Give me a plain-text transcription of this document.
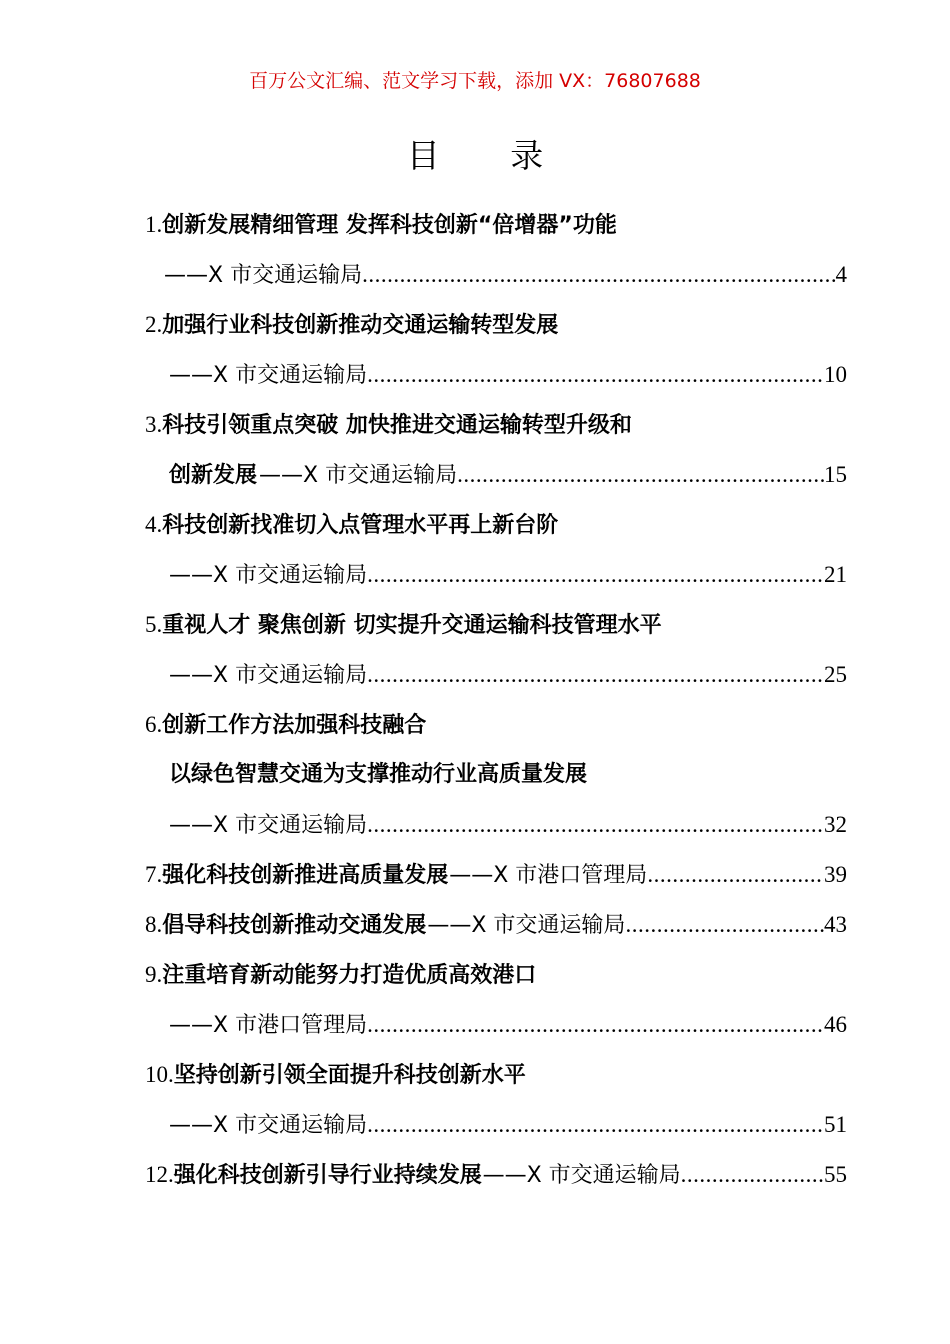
百万公文汇编、范文学习下载，添加 VX：76807688
目 录
1. 创新发展精细管理 发挥科技创新“倍增器”功能
——X 市交通运输局 .....	4
2. 加强行业科技创新推动交通运输转型发展
——X 市交通运输局 .....	10
3. 科技引领重点突破 加快推进交通运输转型升级和
创新发展 ——X 市交通运输局 .....	15
4. 科技创新找准切入点管理水平再上新台阶
——X 市交通运输局 .....	21
5. 重视人才 聚焦创新 切实提升交通运输科技管理水平
——X 市交通运输局 .....	25
6. 创新工作方法加强科技融合
以绿色智慧交通为支撑推动行业高质量发展
——X 市交通运输局 .....	32
7. 强化科技创新推进高质量发展 ——X 市港口管理局 .....	39
8. 倡导科技创新推动交通发展 ——X 市交通运输局 .....	43
9. 注重培育新动能努力打造优质高效港口
——X 市港口管理局 .....	46
10. 坚持创新引领全面提升科技创新水平
——X 市交通运输局 .....	51
12. 强化科技创新引导行业持续发展 ——X 市交通运输局 .....	55
